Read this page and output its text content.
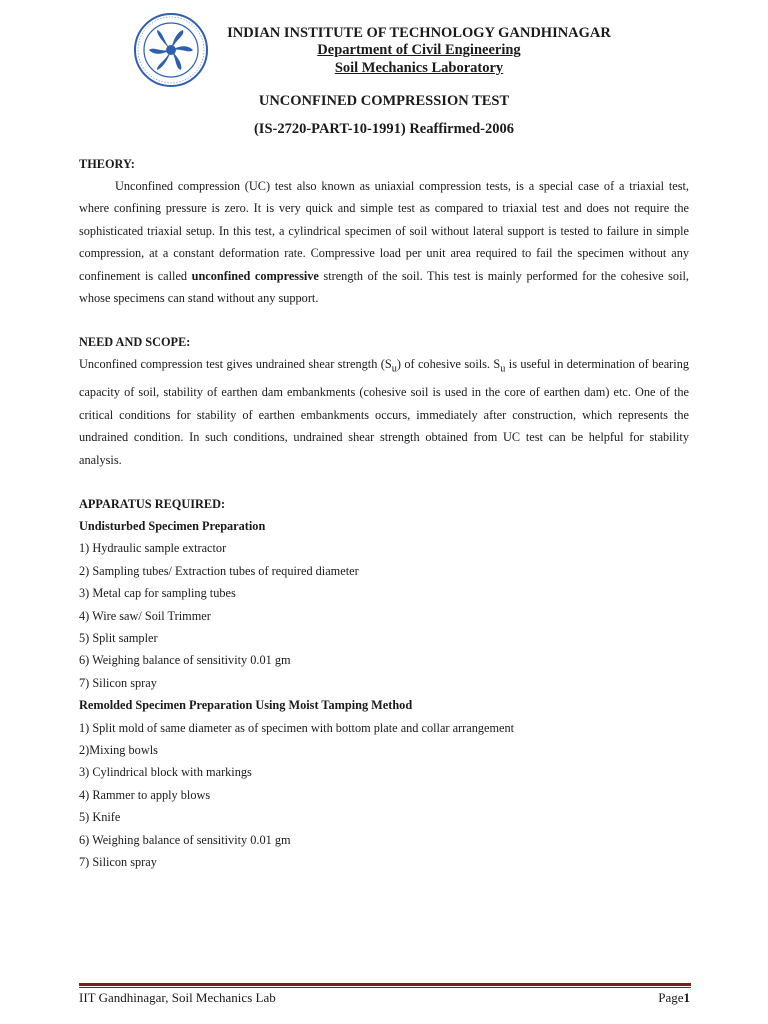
INDIAN INSTITUTE OF TECHNOLOGY GANDHINAGAR
Department of Civil Engineering
Soil Mechanics Laboratory
UNCONFINED COMPRESSION TEST
(IS-2720-PART-10-1991) Reaffirmed-2006

THEORY:

Unconfined compression (UC) test also known as uniaxial compression tests, is a special case of a triaxial test, where confining pressure is zero. It is very quick and simple test as compared to triaxial test and does not require the sophisticated triaxial setup. In this test, a cylindrical specimen of soil without lateral support is tested to failure in simple compression, at a constant deformation rate. Compressive load per unit area required to fail the specimen without any confinement is called unconfined compressive strength of the soil. This test is mainly performed for the cohesive soil, whose specimens can stand without any support.

NEED AND SCOPE:

Unconfined compression test gives undrained shear strength $(S_u)$ of cohesive soils. $S_u$ is useful in determination of bearing capacity of soil, stability of earthen dam embankments (cohesive soil is used in the core of earthen dam) etc. One of the critical conditions for stability of earthen embankments occurs, immediately after construction, which represents the undrained condition. In such conditions, undrained shear strength obtained from UC test can be helpful for stability analysis.

APPARATUS REQUIRED:

Undisturbed Specimen Preparation

1) Hydraulic sample extractor

2) Sampling tubes/ Extraction tubes of required diameter

3) Metal cap for sampling tubes

4) Wire saw/ Soil Trimmer

5) Split sampler

6) Weighing balance of sensitivity 0.01 gm

7) Silicon spray

Remolded Specimen Preparation Using Moist Tamping Method

1) Split mold of same diameter as of specimen with bottom plate and collar arrangement

2)Mixing bowls

3) Cylindrical block with markings

4) Rammer to apply blows

5) Knife

6) Weighing balance of sensitivity 0.01 gm

7) Silicon spray

IIT Gandhinagar, Soil Mechanics Lab	Page1
